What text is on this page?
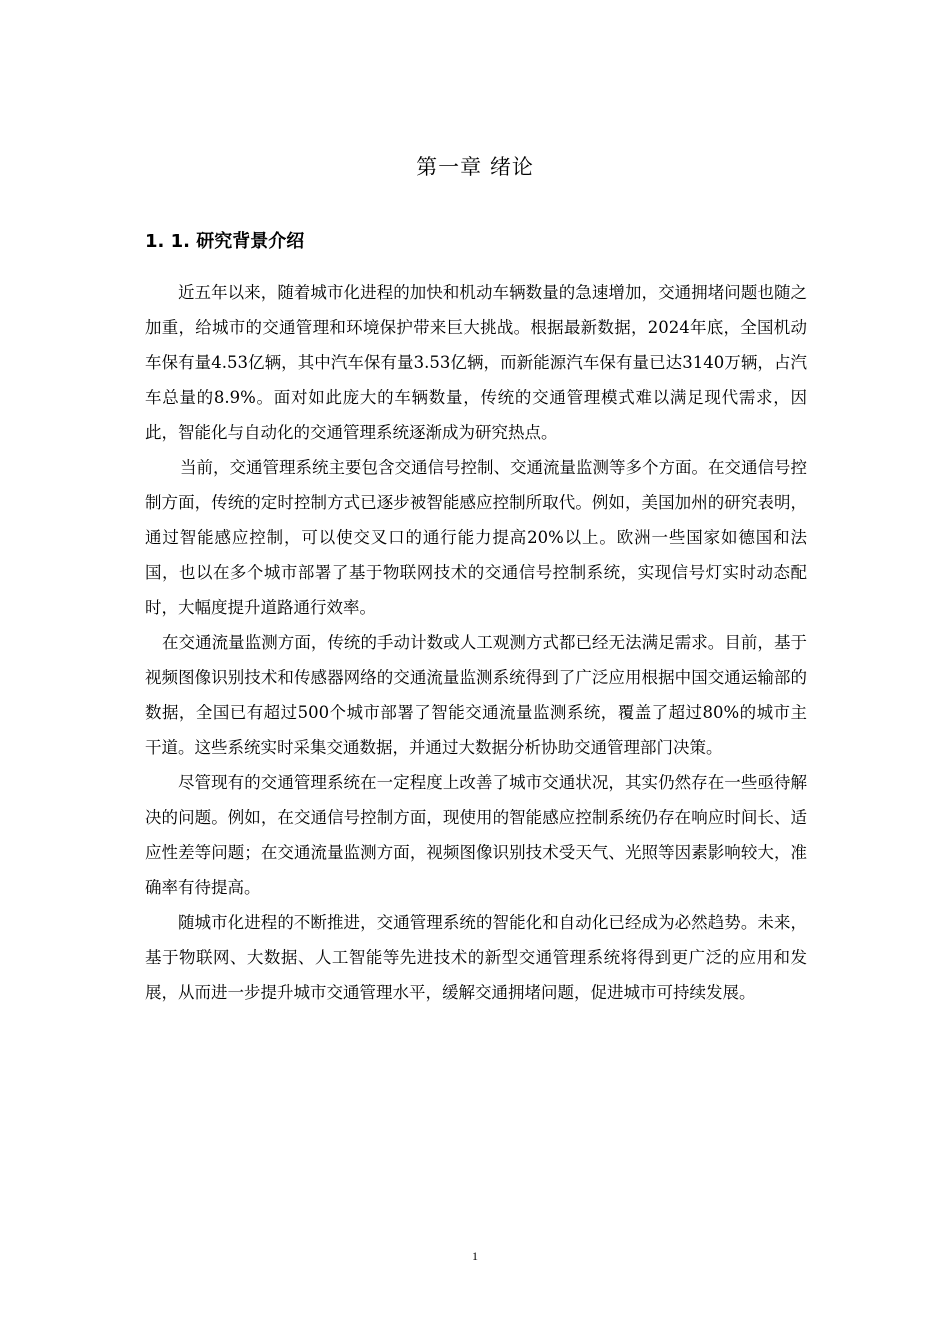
第一章 绪论
1. 1. 研究背景介绍

近五年以来，随着城市化进程的加快和机动车辆数量的急速增加，交通拥堵问题也随之加重，给城市的交通管理和环境保护带来巨大挑战。根据最新数据，2024年底，全国机动车保有量4.53亿辆，其中汽车保有量3.53亿辆，而新能源汽车保有量已达3140万辆，占汽车总量的8.9%。面对如此庞大的车辆数量，传统的交通管理模式难以满足现代需求，因此，智能化与自动化的交通管理系统逐渐成为研究热点。

当前，交通管理系统主要包含交通信号控制、交通流量监测等多个方面。在交通信号控制方面，传统的定时控制方式已逐步被智能感应控制所取代。例如，美国加州的研究表明，通过智能感应控制，可以使交叉口的通行能力提高20%以上。欧洲一些国家如德国和法国，也以在多个城市部署了基于物联网技术的交通信号控制系统，实现信号灯实时动态配时，大幅度提升道路通行效率。

在交通流量监测方面，传统的手动计数或人工观测方式都已经无法满足需求。目前，基于视频图像识别技术和传感器网络的交通流量监测系统得到了广泛应用根据中国交通运输部的数据，全国已有超过500个城市部署了智能交通流量监测系统，覆盖了超过80%的城市主干道。这些系统实时采集交通数据，并通过大数据分析协助交通管理部门决策。

尽管现有的交通管理系统在一定程度上改善了城市交通状况，其实仍然存在一些亟待解决的问题。例如，在交通信号控制方面，现使用的智能感应控制系统仍存在响应时间长、适应性差等问题；在交通流量监测方面，视频图像识别技术受天气、光照等因素影响较大，准确率有待提高。

随城市化进程的不断推进，交通管理系统的智能化和自动化已经成为必然趋势。未来，基于物联网、大数据、人工智能等先进技术的新型交通管理系统将得到更广泛的应用和发展，从而进一步提升城市交通管理水平，缓解交通拥堵问题，促进城市可持续发展。

1
